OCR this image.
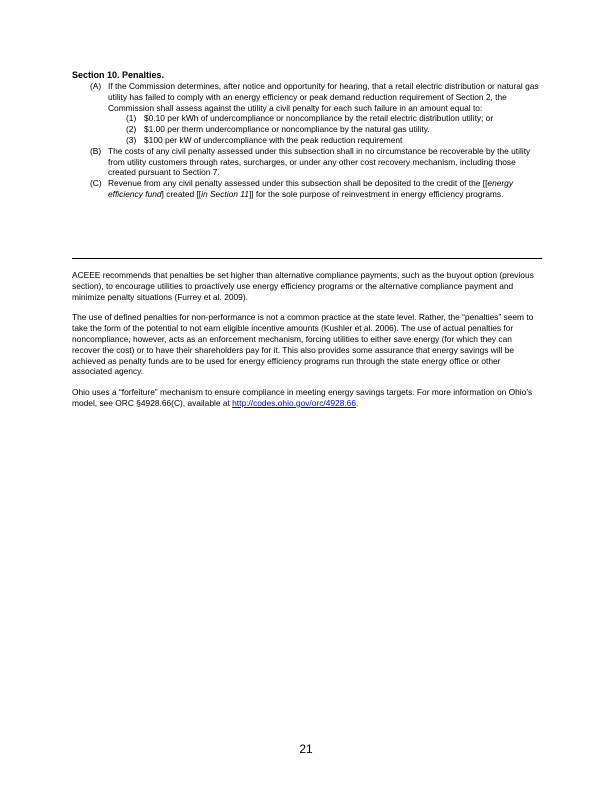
Section 10. Penalties.
(A) If the Commission determines, after notice and opportunity for hearing, that a retail electric distribution or natural gas utility has failed to comply with an energy efficiency or peak demand reduction requirement of Section 2, the Commission shall assess against the utility a civil penalty for each such failure in an amount equal to:
(1) $0.10 per kWh of undercompliance or noncompliance by the retail electric distribution utility; or
(2) $1.00 per therm undercompliance or noncompliance by the natural gas utility.
(3) $100 per kW of undercompliance with the peak reduction requirement
(B) The costs of any civil penalty assessed under this subsection shall in no circumstance be recoverable by the utility from utility customers through rates, surcharges, or under any other cost recovery mechanism, including those created pursuant to Section 7.
(C) Revenue from any civil penalty assessed under this subsection shall be deposited to the credit of the [[energy efficiency fund] created [[in Section 11]] for the sole purpose of reinvestment in energy efficiency programs.

ACEEE recommends that penalties be set higher than alternative compliance payments, such as the buyout option (previous section), to encourage utilities to proactively use energy efficiency programs or the alternative compliance payment and minimize penalty situations (Furrey et al. 2009).

The use of defined penalties for non-performance is not a common practice at the state level. Rather, the “penalties” seem to take the form of the potential to not earn eligible incentive amounts (Kushler et al. 2006). The use of actual penalties for noncompliance, however, acts as an enforcement mechanism, forcing utilities to either save energy (for which they can recover the cost) or to have their shareholders pay for it. This also provides some assurance that energy savings will be achieved as penalty funds are to be used for energy efficiency programs run through the state energy office or other associated agency.

Ohio uses a “forfeiture” mechanism to ensure compliance in meeting energy savings targets. For more information on Ohio’s model, see ORC §4928.66(C), available at http://codes.ohio.gov/orc/4928.66.

21
